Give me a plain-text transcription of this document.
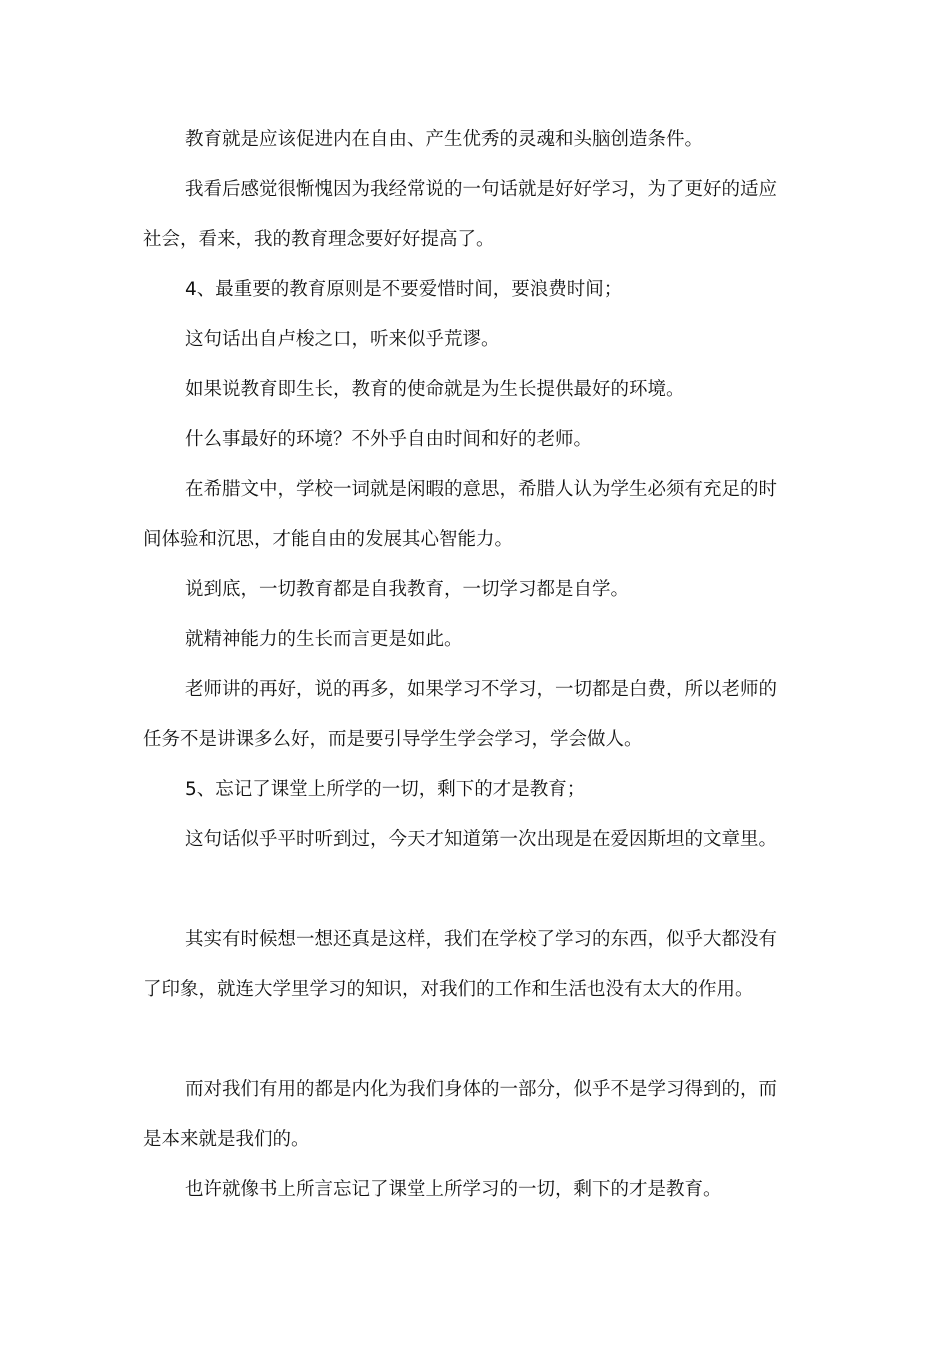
教育就是应该促进内在自由、产生优秀的灵魂和头脑创造条件。

我看后感觉很惭愧因为我经常说的一句话就是好好学习，为了更好的适应社会，看来，我的教育理念要好好提高了。

4、最重要的教育原则是不要爱惜时间，要浪费时间；

这句话出自卢梭之口，听来似乎荒谬。

如果说教育即生长，教育的使命就是为生长提供最好的环境。

什么事最好的环境？不外乎自由时间和好的老师。

在希腊文中，学校一词就是闲暇的意思，希腊人认为学生必须有充足的时间体验和沉思，才能自由的发展其心智能力。

说到底，一切教育都是自我教育，一切学习都是自学。

就精神能力的生长而言更是如此。

老师讲的再好，说的再多，如果学习不学习，一切都是白费，所以老师的任务不是讲课多么好，而是要引导学生学会学习，学会做人。

5、忘记了课堂上所学的一切，剩下的才是教育；

这句话似乎平时听到过，今天才知道第一次出现是在爱因斯坦的文章里。

其实有时候想一想还真是这样，我们在学校了学习的东西，似乎大都没有了印象，就连大学里学习的知识，对我们的工作和生活也没有太大的作用。

而对我们有用的都是内化为我们身体的一部分，似乎不是学习得到的，而是本来就是我们的。

也许就像书上所言忘记了课堂上所学习的一切，剩下的才是教育。
